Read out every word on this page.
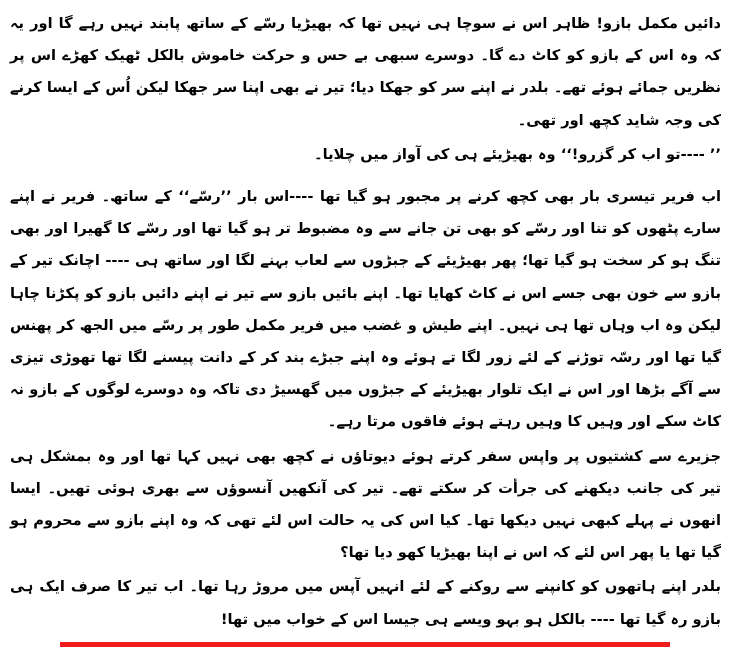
دائیں مکمل بازو! ظاہر اس نے سوچا ہی نہیں تھا کہ بھیڑیا رسّے کے ساتھ پابند نہیں رہے گا اور یہ کہ وہ اس کے بازو کو کاٹ دے گا۔ دوسرے سبھی بے حس و حرکت خاموش بالکل ٹھیک کھڑے اس پر نظریں جمائے ہوئے تھے۔ بلدر نے اپنے سر کو جھکا دیا؛ تیر نے بھی اپنا سر جھکا لیکن اُس کے ایسا کرنے کی وجہ شاید کچھ اور تھی۔

’’ ----تو اب کر گزرو!‘‘ وہ بھیڑیئے ہی کی آواز میں چلایا۔

اب فریر تیسری بار بھی کچھ کرنے پر مجبور ہو گیا تھا ----اس بار ’’رسّے‘‘ کے ساتھ۔ فریر نے اپنے سارے پٹھوں کو تنا اور رسّے کو بھی تن جانے سے وہ مضبوط تر ہو گیا تھا اور رسّے کا گھیرا اور بھی تنگ ہو کر سخت ہو گیا تھا؛ پھر بھیڑیئے کے جبڑوں سے لعاب بہنے لگا اور ساتھ ہی ---- اچانک تیر کے بازو سے خون بھی جسے اس نے کاٹ کھایا تھا۔ اپنے بائیں بازو سے تیر نے اپنے دائیں بازو کو پکڑنا چاہا لیکن وہ اب وہاں تھا ہی نہیں۔ اپنے طیش و غضب میں فریر مکمل طور پر رسّے میں الجھ کر پھنس گیا تھا اور رسّہ توڑنے کے لئے زور لگا تے ہوئے وہ اپنے جبڑے بند کر کے دانت پیسنے لگا تھا تھوڑی تیزی سے آگے بڑھا اور اس نے ایک تلوار بھیڑیئے کے جبڑوں میں گھسیڑ دی تاکہ وہ دوسرے لوگوں کے بازو نہ کاٹ سکے اور وہیں کا وہیں رہتے ہوئے فاقوں مرتا رہے۔

جزیرے سے کشتیوں پر واپس سفر کرتے ہوئے دیوتاؤں نے کچھ بھی نہیں کہا تھا اور وہ بمشکل ہی تیر کی جانب دیکھنے کی جرأت کر سکتے تھے۔ تیر کی آنکھیں آنسوؤں سے بھری ہوئی تھیں۔ ایسا انھوں نے پہلے کبھی نہیں دیکھا تھا۔ کیا اس کی یہ حالت اس لئے تھی کہ وہ اپنے بازو سے محروم ہو گیا تھا یا پھر اس لئے کہ اس نے اپنا بھیڑیا کھو دیا تھا؟

بلدر اپنے ہاتھوں کو کانپنے سے روکنے کے لئے انہیں آپس میں مروڑ رہا تھا۔ اب تیر کا صرف ایک ہی بازو رہ گیا تھا ---- بالکل ہو بہو ویسے ہی جیسا اس کے خواب میں تھا!
